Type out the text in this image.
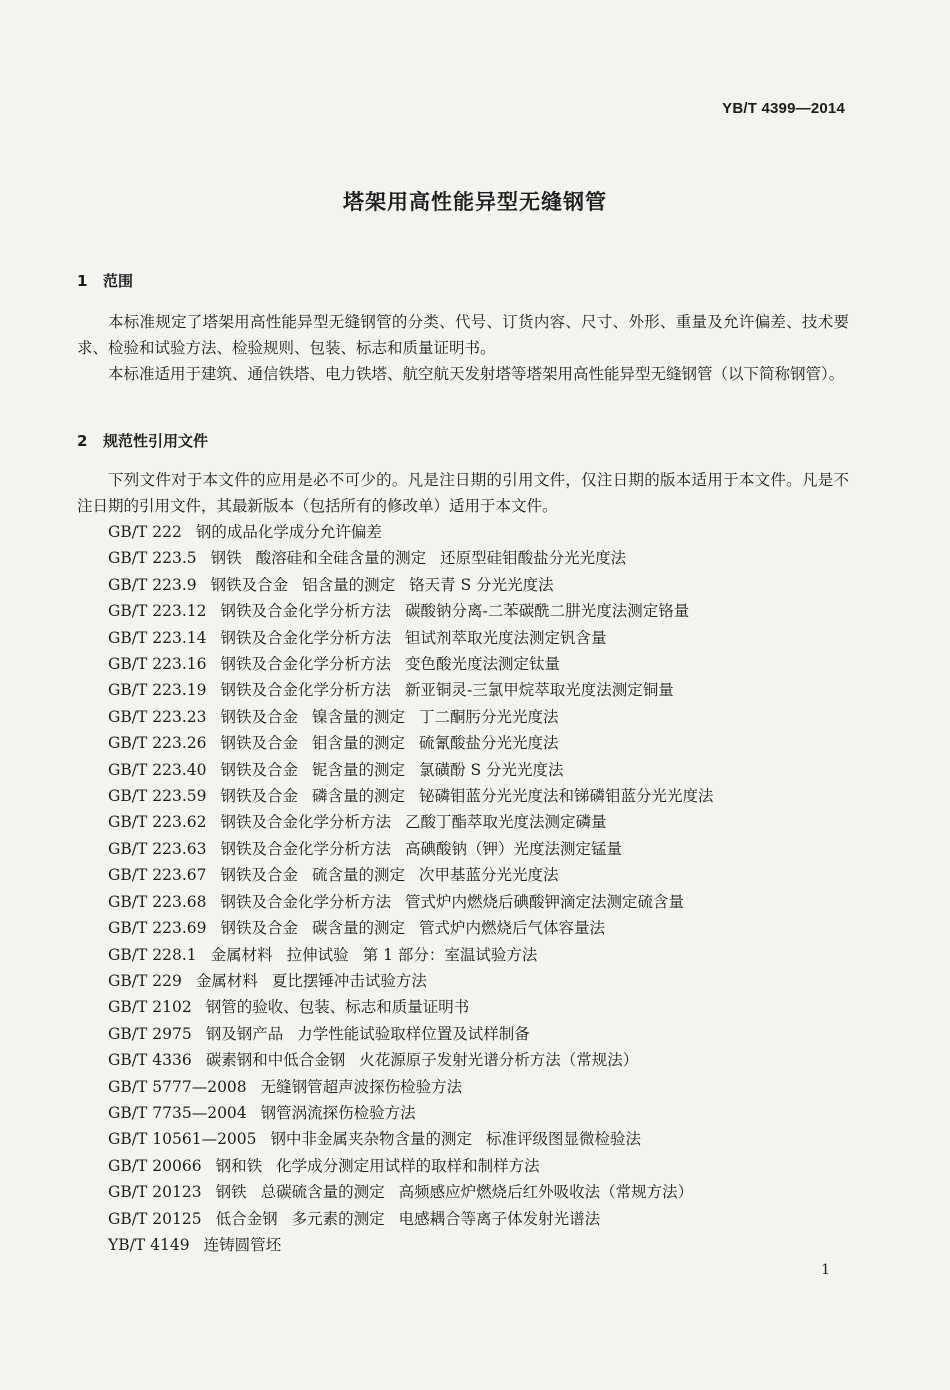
YB/T 4399—2014
塔架用高性能异型无缝钢管
1 范围

本标准规定了塔架用高性能异型无缝钢管的分类、代号、订货内容、尺寸、外形、重量及允许偏差、技术要求、检验和试验方法、检验规则、包装、标志和质量证明书。

本标准适用于建筑、通信铁塔、电力铁塔、航空航天发射塔等塔架用高性能异型无缝钢管（以下简称钢管）。

2 规范性引用文件

下列文件对于本文件的应用是必不可少的。凡是注日期的引用文件，仅注日期的版本适用于本文件。凡是不注日期的引用文件，其最新版本（包括所有的修改单）适用于本文件。

GB/T 222 钢的成品化学成分允许偏差
GB/T 223.5 钢铁 酸溶硅和全硅含量的测定 还原型硅钼酸盐分光光度法
GB/T 223.9 钢铁及合金 铝含量的测定 铬天青 S 分光光度法
GB/T 223.12 钢铁及合金化学分析方法 碳酸钠分离-二苯碳酰二肼光度法测定铬量
GB/T 223.14 钢铁及合金化学分析方法 钽试剂萃取光度法测定钒含量
GB/T 223.16 钢铁及合金化学分析方法 变色酸光度法测定钛量
GB/T 223.19 钢铁及合金化学分析方法 新亚铜灵-三氯甲烷萃取光度法测定铜量
GB/T 223.23 钢铁及合金 镍含量的测定 丁二酮肟分光光度法
GB/T 223.26 钢铁及合金 钼含量的测定 硫氰酸盐分光光度法
GB/T 223.40 钢铁及合金 铌含量的测定 氯磺酚 S 分光光度法
GB/T 223.59 钢铁及合金 磷含量的测定 铋磷钼蓝分光光度法和锑磷钼蓝分光光度法
GB/T 223.62 钢铁及合金化学分析方法 乙酸丁酯萃取光度法测定磷量
GB/T 223.63 钢铁及合金化学分析方法 高碘酸钠（钾）光度法测定锰量
GB/T 223.67 钢铁及合金 硫含量的测定 次甲基蓝分光光度法
GB/T 223.68 钢铁及合金化学分析方法 管式炉内燃烧后碘酸钾滴定法测定硫含量
GB/T 223.69 钢铁及合金 碳含量的测定 管式炉内燃烧后气体容量法
GB/T 228.1 金属材料 拉伸试验 第 1 部分：室温试验方法
GB/T 229 金属材料 夏比摆锤冲击试验方法
GB/T 2102 钢管的验收、包装、标志和质量证明书
GB/T 2975 钢及钢产品 力学性能试验取样位置及试样制备
GB/T 4336 碳素钢和中低合金钢 火花源原子发射光谱分析方法（常规法）
GB/T 5777—2008 无缝钢管超声波探伤检验方法
GB/T 7735—2004 钢管涡流探伤检验方法
GB/T 10561—2005 钢中非金属夹杂物含量的测定 标准评级图显微检验法
GB/T 20066 钢和铁 化学成分测定用试样的取样和制样方法
GB/T 20123 钢铁 总碳硫含量的测定 高频感应炉燃烧后红外吸收法（常规方法）
GB/T 20125 低合金钢 多元素的测定 电感耦合等离子体发射光谱法
YB/T 4149 连铸圆管坯
1
